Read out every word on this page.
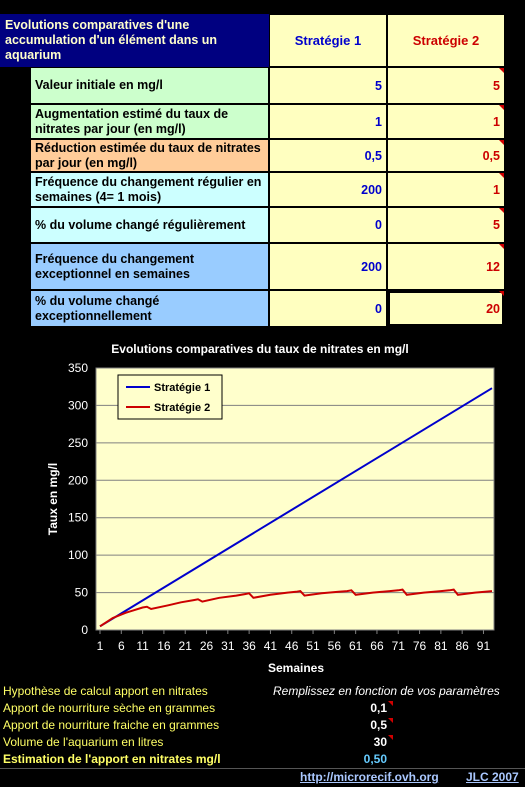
Evolutions comparatives d'une accumulation d'un élément dans un aquarium
Stratégie 1	Stratégie 2
Valeur initiale en mg/l	5	5
Augmentation estimé du taux de nitrates par jour (en mg/l)	1	1
Réduction estimée du taux de nitrates par jour (en mg/l)	0,5	0,5
Fréquence du changement régulier en semaines (4= 1 mois)	200	1
% du volume changé régulièrement	0	5
Fréquence du changement exceptionnel en semaines	200	12
% du volume changé exceptionnellement	0	20
Evolutions comparatives du taux de nitrates en mg/l
0
50
100
150
200
250
300
350
1 6 11 16 21 26 31 36 41 46 51 56 61 66 71 76 81 86 91
Taux en mg/l
Semaines
Stratégie 1
Stratégie 2
Hypothèse de calcul apport en nitrates	Remplissez en fonction de vos paramètres
Apport de nourriture sèche en grammes	0,1
Apport de nourriture fraiche en grammes	0,5
Volume de l'aquarium en litres	30
Estimation de l'apport en nitrates mg/l	0,50
http://microrecif.ovh.org JLC 2007
